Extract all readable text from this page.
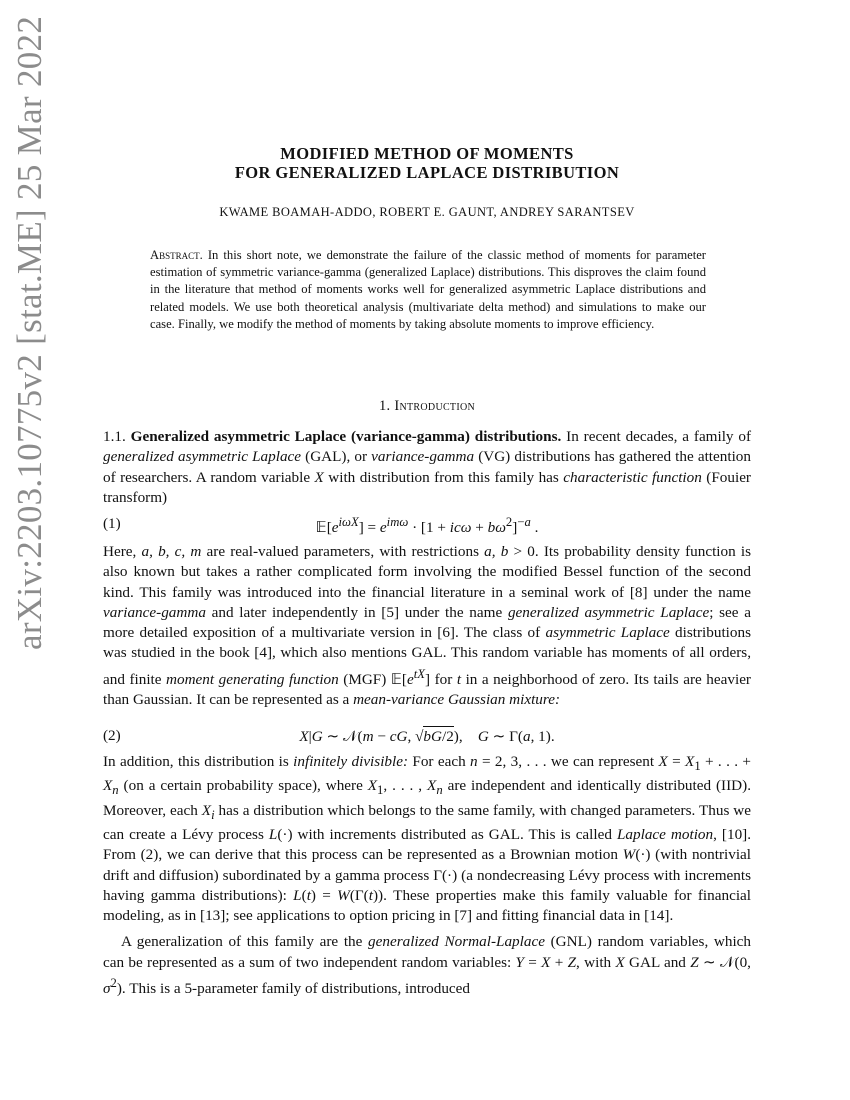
arXiv:2203.10775v2 [stat.ME] 25 Mar 2022	MODIFIED METHOD OF MOMENTS
FOR GENERALIZED LAPLACE DISTRIBUTION
KWAME BOAMAH-ADDO, ROBERT E. GAUNT, ANDREY SARANTSEV
Abstract. In this short note, we demonstrate the failure of the classic method of moments for parameter estimation of symmetric variance-gamma (generalized Laplace) distributions. This disproves the claim found in the literature that method of moments works well for generalized asymmetric Laplace distributions and related models. We use both theoretical analysis (multivariate delta method) and simulations to make our case. Finally, we modify the method of moments by taking absolute moments to improve efficiency.
1. Introduction

1.1. Generalized asymmetric Laplace (variance-gamma) distributions. In recent decades, a family of generalized asymmetric Laplace (GAL), or variance-gamma (VG) distributions has gathered the attention of researchers. A random variable X with distribution from this family has characteristic function (Fouier transform)

(1)	$𝔼[e^{i\omega X}] = e^{im\omega} \cdot [1 + ic\omega + b\omega^2]^{-a}$ .

Here, a, b, c, m are real-valued parameters, with restrictions a, b > 0. Its probability density function is also known but takes a rather complicated form involving the modified Bessel function of the second kind. This family was introduced into the financial literature in a seminal work of [8] under the name variance-gamma and later independently in [5] under the name generalized asymmetric Laplace; see a more detailed exposition of a multivariate version in [6]. The class of asymmetric Laplace distributions was studied in the book [4], which also mentions GAL. This random variable has moments of all orders, and finite moment generating function (MGF) $𝔼[e^{tX}]$ for t in a neighborhood of zero. Its tails are heavier than Gaussian. It can be represented as a mean-variance Gaussian mixture:

(2)	X|G ∼ 𝒩(m − cG, √bG/2),    G ∼ Γ(a, 1).

In addition, this distribution is infinitely divisible: For each n = 2, 3, . . . we can represent $X = X_1$ + . . . + $X_n$ (on a certain probability space), where $X_1$, . . . , $X_n$ are independent and identically distributed (IID). Moreover, each $X_i$ has a distribution which belongs to the same family, with changed parameters. Thus we can create a Lévy process L(·) with increments distributed as GAL. This is called Laplace motion, [10]. From (2), we can derive that this process can be represented as a Brownian motion W(·) (with nontrivial drift and diffusion) subordinated by a gamma process Γ(·) (a nondecreasing Lévy process with increments having gamma distributions): L(t) = W(Γ(t)). These properties make this family valuable for financial modeling, as in [13]; see applications to option pricing in [7] and fitting financial data in [14].

A generalization of this family are the generalized Normal-Laplace (GNL) random variables, which can be represented as a sum of two independent random variables: Y = X + Z, with X GAL and Z ∼ 𝒩(0, $\sigma^2$). This is a 5-parameter family of distributions, introduced
